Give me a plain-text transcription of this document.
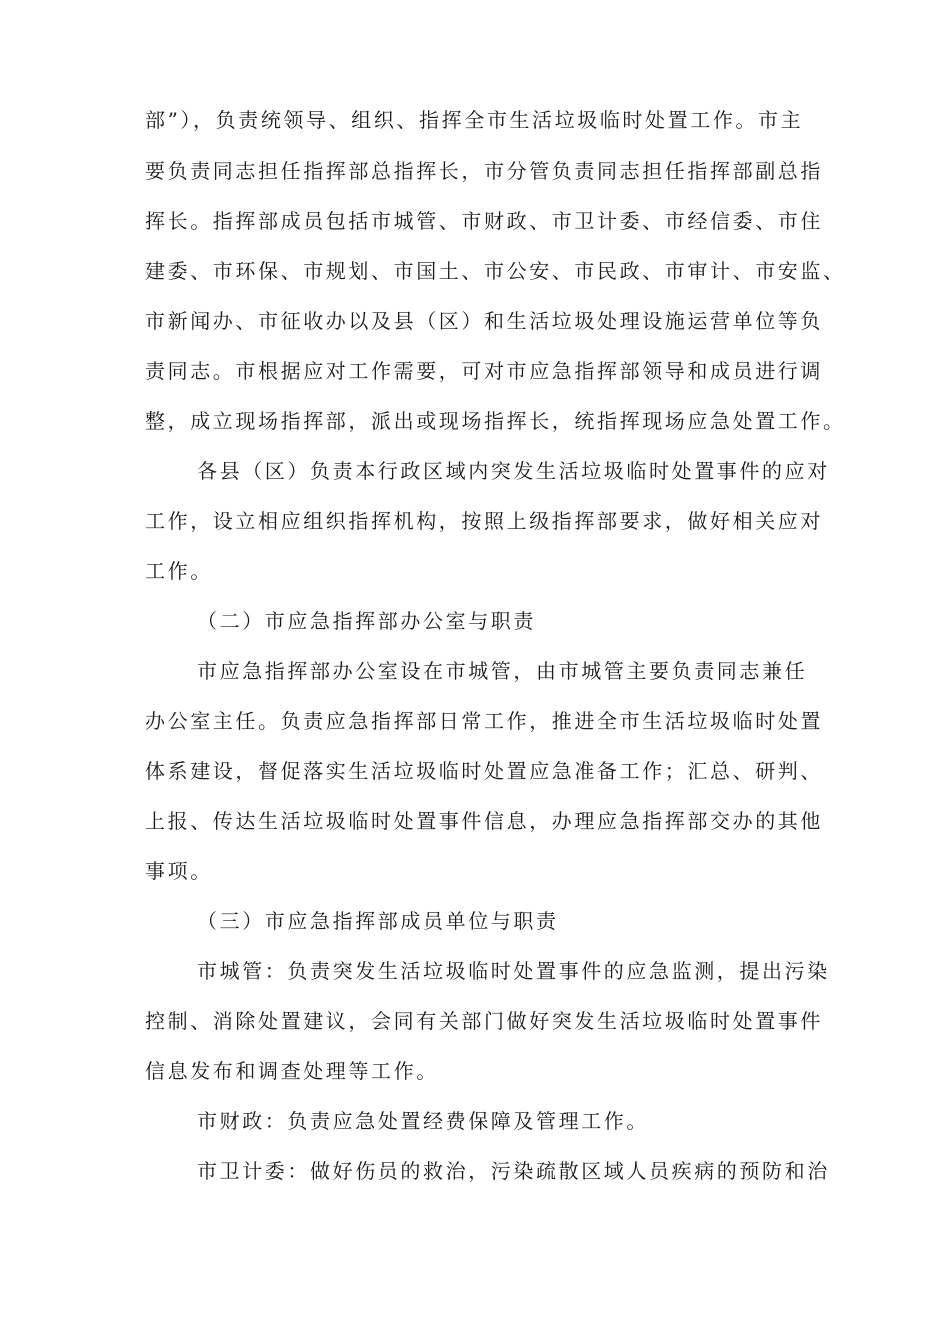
部”），负责统领导、组织、指挥全市生活垃圾临时处置工作。市主
要负责同志担任指挥部总指挥长，市分管负责同志担任指挥部副总指
挥长。指挥部成员包括市城管、市财政、市卫计委、市经信委、市住
建委、市环保、市规划、市国土、市公安、市民政、市审计、市安监、
市新闻办、市征收办以及县（区）和生活垃圾处理设施运营单位等负
责同志。市根据应对工作需要，可对市应急指挥部领导和成员进行调
整，成立现场指挥部，派出或现场指挥长，统指挥现场应急处置工作。
各县（区）负责本行政区域内突发生活垃圾临时处置事件的应对
工作，设立相应组织指挥机构，按照上级指挥部要求，做好相关应对
工作。
（二）市应急指挥部办公室与职责
市应急指挥部办公室设在市城管，由市城管主要负责同志兼任
办公室主任。负责应急指挥部日常工作，推进全市生活垃圾临时处置
体系建设，督促落实生活垃圾临时处置应急准备工作；汇总、研判、
上报、传达生活垃圾临时处置事件信息，办理应急指挥部交办的其他
事项。
（三）市应急指挥部成员单位与职责
市城管：负责突发生活垃圾临时处置事件的应急监测，提出污染
控制、消除处置建议，会同有关部门做好突发生活垃圾临时处置事件
信息发布和调查处理等工作。
市财政：负责应急处置经费保障及管理工作。
市卫计委：做好伤员的救治，污染疏散区域人员疾病的预防和治
